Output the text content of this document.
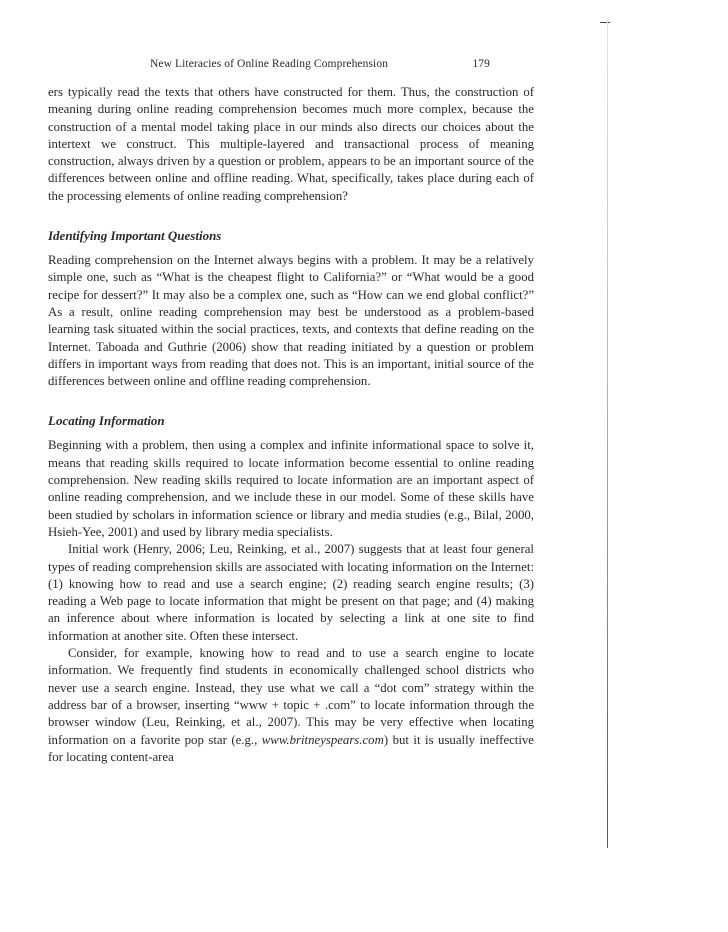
New Literacies of Online Reading Comprehension	179

ers typically read the texts that others have constructed for them. Thus, the construction of meaning during online reading comprehension becomes much more complex, because the construction of a mental model taking place in our minds also directs our choices about the intertext we construct. This multiple-layered and transactional process of meaning construction, always driven by a question or problem, appears to be an important source of the differences between online and offline reading. What, specifically, takes place during each of the processing elements of online reading comprehension?

Identifying Important Questions

Reading comprehension on the Internet always begins with a problem. It may be a relatively simple one, such as “What is the cheapest flight to California?” or “What would be a good recipe for dessert?” It may also be a complex one, such as “How can we end global conflict?” As a result, online reading comprehension may best be understood as a problem-based learning task situated within the social practices, texts, and contexts that define reading on the Internet. Taboada and Guthrie (2006) show that reading initiated by a question or problem differs in important ways from reading that does not. This is an important, initial source of the differences between online and offline reading comprehension.

Locating Information

Beginning with a problem, then using a complex and infinite informational space to solve it, means that reading skills required to locate information become essential to online reading comprehension. New reading skills required to locate information are an important aspect of online reading comprehension, and we include these in our model. Some of these skills have been studied by scholars in information science or library and media studies (e.g., Bilal, 2000, Hsieh-Yee, 2001) and used by library media specialists.

Initial work (Henry, 2006; Leu, Reinking, et al., 2007) suggests that at least four general types of reading comprehension skills are associated with locating information on the Internet: (1) knowing how to read and use a search engine; (2) reading search engine results; (3) reading a Web page to locate information that might be present on that page; and (4) making an inference about where information is located by selecting a link at one site to find information at another site. Often these intersect.

Consider, for example, knowing how to read and to use a search engine to locate information. We frequently find students in economically challenged school districts who never use a search engine. Instead, they use what we call a “dot com” strategy within the address bar of a browser, inserting “www + topic + .com” to locate information through the browser window (Leu, Reinking, et al., 2007). This may be very effective when locating information on a favorite pop star (e.g., www.britneyspears.com) but it is usually ineffective for locating content-area
